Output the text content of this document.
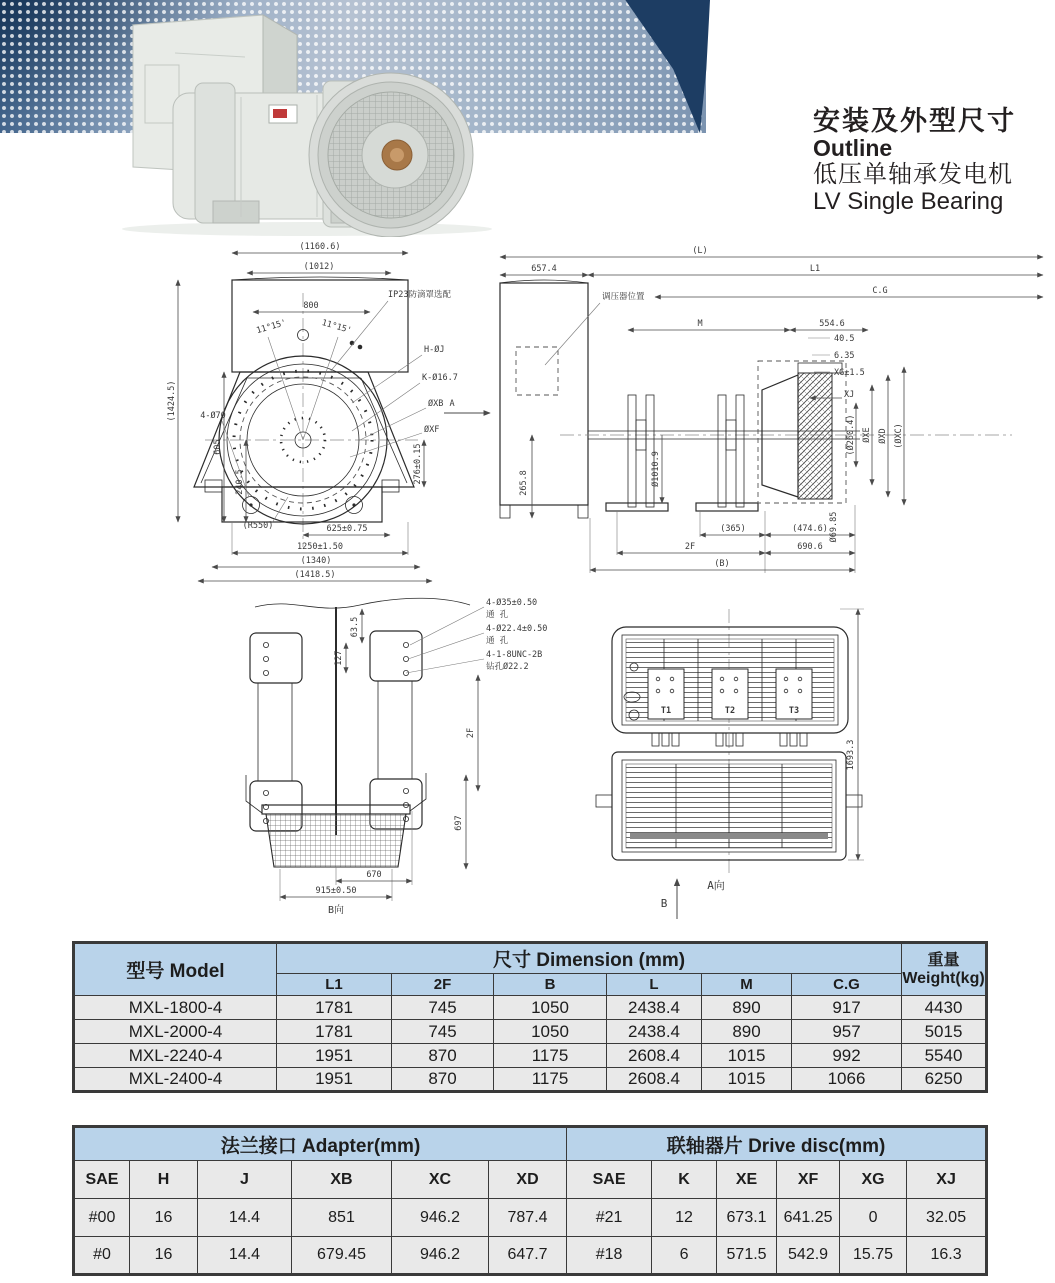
安装及外型尺寸
Outline
低压单轴承发电机
LV Single Bearing
(1160.6)
(1012)
800
11°15'	11°15'
IP23防滴罩选配
H-ØJ
K-Ø16.7
ØXB
ØXF
(1424.5)
605
240.5
4-Ø70
276±0.15
(R550)	625±0.75
1250±1.50
(1340)
(1418.5)
(L)
657.4	L1
C.G
M	554.6
调压器位置
A
40.5
6.35
XG±1.5
XJ
(Ø260.4) ØXE ØXD (ØXC)
Ø69.85
265.8	Ø1010.9
(365)	(474.6)
2F	690.6
(B)
63.5
127
4-Ø35±0.50
通 孔
4-Ø22.4±0.50
通 孔
4-1-8UNC-2B
钻孔Ø22.2
2F
697
670
915±0.50
B向
T1	T2	T3
1693.3
A向
B
型号 Model	尺寸 Dimension (mm)						重量
Weight(kg)

	L1	2F	B	L	M	C.G	
MXL-1800-4	1781	745	1050	2438.4	890	917	4430
MXL-2000-4	1781	745	1050	2438.4	890	957	5015
MXL-2240-4	1951	870	1175	2608.4	1015	992	5540
MXL-2400-4	1951	870	1175	2608.4	1015	1066	6250
法兰接口 Adapter(mm)						联轴器片 Drive disc(mm)					
SAE	H	J	XB	XC	XD	SAE	K	XE	XF	XG	XJ
#00	16	14.4	851	946.2	787.4	#21	12	673.1	641.25	0	32.05
#0	16	14.4	679.45	946.2	647.7	#18	6	571.5	542.9	15.75	16.3
